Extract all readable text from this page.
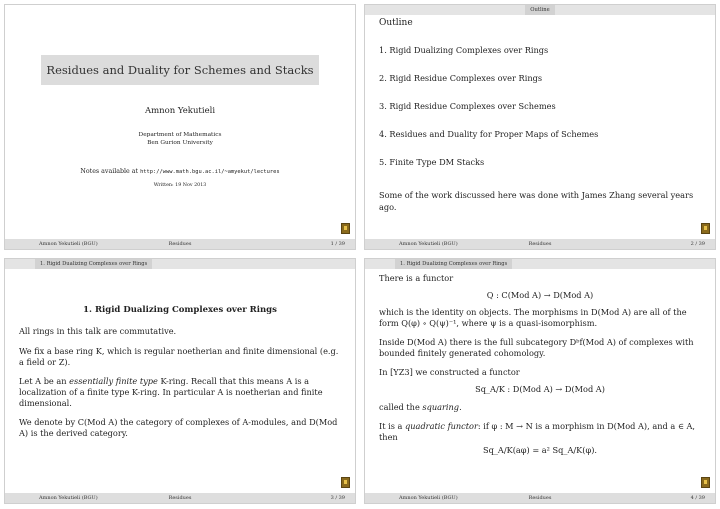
Residues and Duality for Schemes and Stacks
Amnon Yekutieli
Department of Mathematics
Ben Gurion University
Notes available at http://www.math.bgu.ac.il/~amyekut/lectures
Written: 19 Nov 2013
Amnon Yekutieli (BGU)	Residues	1 / 39
Outline
Outline
1. Rigid Dualizing Complexes over Rings
2. Rigid Residue Complexes over Rings
3. Rigid Residue Complexes over Schemes
4. Residues and Duality for Proper Maps of Schemes
5. Finite Type DM Stacks

Some of the work discussed here was done with James Zhang several years ago.

Amnon Yekutieli (BGU)	Residues	2 / 39
1. Rigid Dualizing Complexes over Rings
1. Rigid Dualizing Complexes over Rings

All rings in this talk are commutative.

We fix a base ring K, which is regular noetherian and finite dimensional (e.g. a field or Z).

Let A be an essentially finite type K-ring. Recall that this means A is a localization of a finite type K-ring. In particular A is noetherian and finite dimensional.

We denote by C(Mod A) the category of complexes of A-modules, and D(Mod A) is the derived category.

Amnon Yekutieli (BGU)	Residues	3 / 39
1. Rigid Dualizing Complexes over Rings

There is a functor

Q : C(Mod A) → D(Mod A)

which is the identity on objects. The morphisms in D(Mod A) are all of the form Q(φ) ∘ Q(ψ)⁻¹, where ψ is a quasi-isomorphism.

Inside D(Mod A) there is the full subcategory Dᵇf(Mod A) of complexes with bounded finitely generated cohomology.

In [YZ3] we constructed a functor

Sq_A/K : D(Mod A) → D(Mod A)

called the squaring.

It is a quadratic functor: if φ : M → N is a morphism in D(Mod A), and a ∈ A, then

Sq_A/K(aφ) = a² Sq_A/K(φ).

Amnon Yekutieli (BGU)	Residues	4 / 39
